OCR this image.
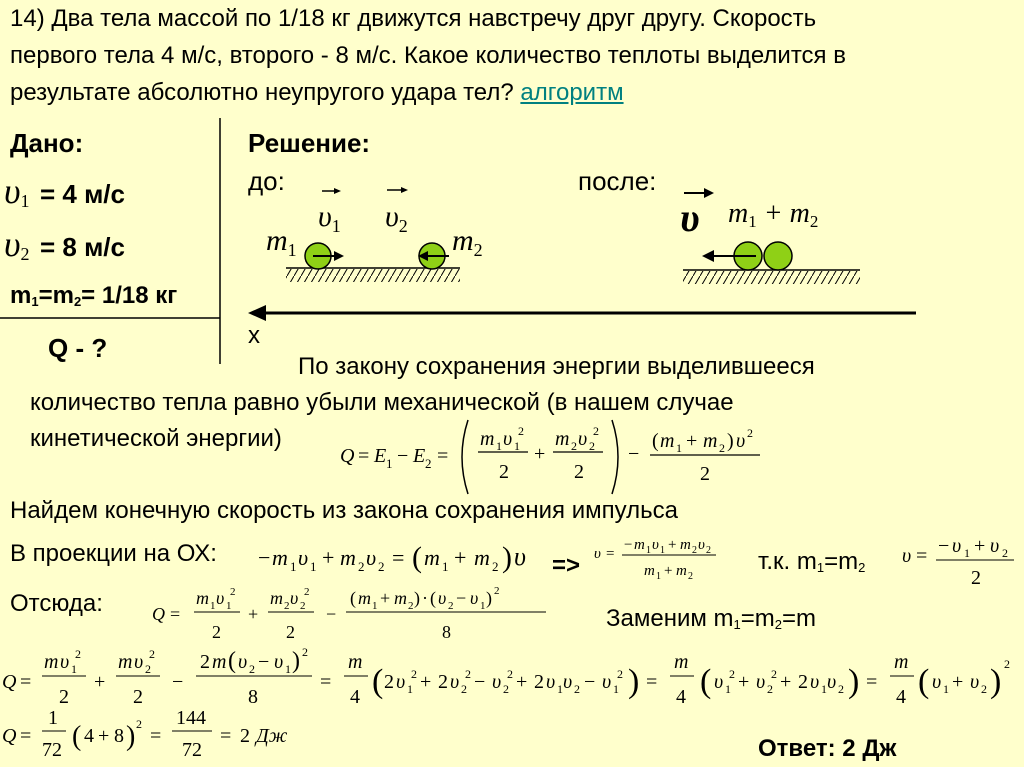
14) Два тела массой по 1/18 кг движутся навстречу друг другу. Скорость
первого тела 4 м/с, второго - 8 м/с. Какое количество теплоты выделится в
результате абсолютно неупругого удара тел? алгоритм
Дано:
υ1 = 4 м/с
υ2 = 8 м/с
m1=m2= 1/18 кг
Q - ?
Решение:
до:	после:
$m_1$	$m_2$
$\upsilon_1$ $\upsilon_2$	υ m1 + m2
x
По закону сохранения энергии выделившееся
количество тепла равно убыли механической (в нашем случае
кинетической энергии)
Q = E 1 − E 2 =
m 1 υ 1
2
2
+
m 2 υ 2
2
2
−
( m 1 + m 2 ) υ 2
2
Найдем конечную скорость из закона сохранения импульса
В проекции на ОХ:	=>	т.к. m1=m2
Отсюда:
Заменим m1=m2=m
− m 1 υ 1 + m 2 υ 2 = ( m 1 + m 2 ) υ	υ =
− m 1 υ 1 + m 2 υ 2
m 1 + m 2
υ = − υ 1 + υ 2
2
Q =
m 1 υ 1
2
2
+
m 2 υ 2
2
2
−
( m 1 + m 2 ) · ( υ 2 − υ 1 ) 2
8
Q =
m υ 1
2
2
+
m υ 2
2
2
−
2 m ( υ 2 − υ 1 ) 2
8
=
m
4 ( 2 υ 1
2 + 2 υ 2
2 − υ 2
2 + 2 υ 1 υ 2 − υ 1
2 ) =
m
4 ( υ 1
2 + υ 2
2 + 2 υ 1 υ 2 ) =
m
4 ( υ 1 + υ 2 ) 2
Q =
1
72 ( 4 + 8 ) 2
=
144
72
= 2 Дж	Ответ: 2 Дж
